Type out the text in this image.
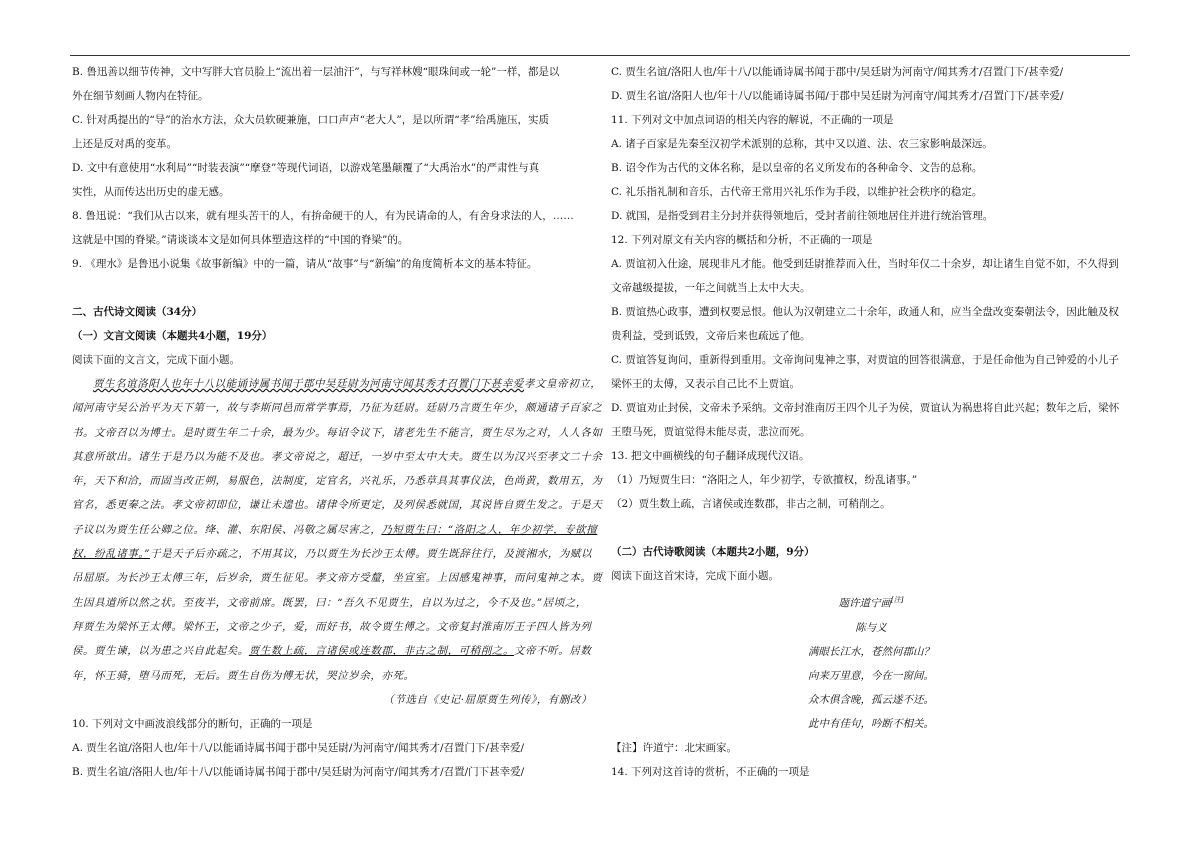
B. 鲁迅善以细节传神，文中写胖大官员脸上“流出着一层油汗”，与写祥林嫂“眼珠间或一轮”一样，都是以

外在细节刻画人物内在特征。

C. 针对禹提出的“导”的治水方法，众大员软硬兼施，口口声声“老大人”，是以所谓“孝”给禹施压，实质

上还是反对禹的变革。

D. 文中有意使用“水利局”“时装表演”“摩登”等现代词语，以游戏笔墨颠覆了“大禹治水”的严肃性与真

实性，从而传达出历史的虚无感。

8. 鲁迅说：“我们从古以来，就有埋头苦干的人，有拚命硬干的人，有为民请命的人，有舍身求法的人，……

这就是中国的脊梁。”请谈谈本文是如何具体塑造这样的“中国的脊梁”的。

9. 《理水》是鲁迅小说集《故事新编》中的一篇，请从“故事”与“新编”的角度简析本文的基本特征。

二、古代诗文阅读（34分）

（一）文言文阅读（本题共4小题，19分）

阅读下面的文言文，完成下面小题。

贾生名谊洛阳人也年十八以能诵诗属书闻于郡中吴廷尉为河南守闻其秀才召置门下甚幸爱孝文皇帝初立，

闻河南守吴公治平为天下第一，故与李斯同邑而常学事焉，乃征为廷尉。廷尉乃言贾生年少，颇通诸子百家之

书。文帝召以为博士。是时贾生年二十余，最为少。每诏令议下，诸老先生不能言，贾生尽为之对，人人各如

其意所欲出。诸生于是乃以为能不及也。孝文帝说之，超迁，一岁中至太中大夫。贾生以为汉兴至孝文二十余

年，天下和洽，而固当改正朔，易服色，法制度，定官名，兴礼乐，乃悉草具其事仪法，色尚黄，数用五，为

官名，悉更秦之法。孝文帝初即位，谦让未遑也。诸律令所更定，及列侯悉就国，其说皆自贾生发之。于是天

子议以为贾生任公卿之位。绛、灌、东阳侯、冯敬之属尽害之，乃短贾生曰：“洛阳之人，年少初学，专欲擅

权，纷乱诸事。”于是天子后亦疏之，不用其议，乃以贾生为长沙王太傅。贾生既辞往行，及渡湘水，为赋以

吊屈原。为长沙王太傅三年，后岁余，贾生征见。孝文帝方受釐，坐宣室。上因感鬼神事，而问鬼神之本。贾

生因具道所以然之状。至夜半，文帝前席。既罢，曰：“吾久不见贾生，自以为过之，今不及也。”居顷之，

拜贾生为梁怀王太傅。梁怀王，文帝之少子，爱，而好书，故令贾生傅之。文帝复封淮南厉王子四人皆为列

侯。贾生谏，以为患之兴自此起矣。贾生数上疏，言诸侯或连数郡，非古之制，可稍削之。文帝不听。居数

年，怀王骑，堕马而死，无后。贾生自伤为傅无状，哭泣岁余，亦死。

（节选自《史记·屈原贾生列传》，有删改）

10. 下列对文中画波浪线部分的断句，正确的一项是

A. 贾生名谊/洛阳人也/年十八/以能诵诗属书闻于郡中吴廷尉/为河南守/闻其秀才/召置门下/甚幸爱/

B. 贾生名谊/洛阳人也/年十八/以能诵诗属书闻于郡中/吴廷尉为河南守/闻其秀才/召置/门下甚幸爱/

C. 贾生名谊/洛阳人也/年十八/以能诵诗属书闻于郡中/吴廷尉为河南守/闻其秀才/召置门下/甚幸爱/

D. 贾生名谊/洛阳人也/年十八/以能诵诗属书闻/于郡中吴廷尉为河南守/闻其秀才/召置门下/甚幸爱/

11. 下列对文中加点词语的相关内容的解说，不正确的一项是

A. 诸子百家是先秦至汉初学术派别的总称，其中又以道、法、农三家影响最深远。

B. 诏令作为古代的文体名称，是以皇帝的名义所发布的各种命令、文告的总称。

C. 礼乐指礼制和音乐，古代帝王常用兴礼乐作为手段，以维护社会秩序的稳定。

D. 就国，是指受到君主分封并获得领地后，受封者前往领地居住并进行统治管理。

12. 下列对原文有关内容的概括和分析，不正确的一项是

A. 贾谊初入仕途，展现非凡才能。他受到廷尉推荐而入仕，当时年仅二十余岁，却让诸生自觉不如，不久得到

文帝越级提拔，一年之间就当上太中大夫。

B. 贾谊热心政事，遭到权要忌恨。他认为汉朝建立二十余年，政通人和，应当全盘改变秦朝法令，因此触及权

贵利益，受到诋毁，文帝后来也疏远了他。

C. 贾谊答复询问，重新得到重用。文帝询问鬼神之事，对贾谊的回答很满意，于是任命他为自己钟爱的小儿子

梁怀王的太傅，又表示自己比不上贾谊。

D. 贾谊劝止封侯，文帝未予采纳。文帝封淮南厉王四个儿子为侯，贾谊认为祸患将自此兴起；数年之后，梁怀

王堕马死，贾谊觉得未能尽责，悲泣而死。

13. 把文中画横线的句子翻译成现代汉语。

（1）乃短贾生曰：“洛阳之人，年少初学，专欲擅权，纷乱诸事。”

（2）贾生数上疏，言诸侯或连数郡，非古之制，可稍削之。

（二）古代诗歌阅读（本题共2小题，9分）

阅读下面这首宋诗，完成下面小题。

题许道宁画[注]

陈与义

满眼长江水，苍然何郡山？

向来万里意，今在一窗间。

众木俱含晚，孤云遂不还。

此中有佳句，吟断不相关。

【注】许道宁：北宋画家。

14. 下列对这首诗的赏析，不正确的一项是
